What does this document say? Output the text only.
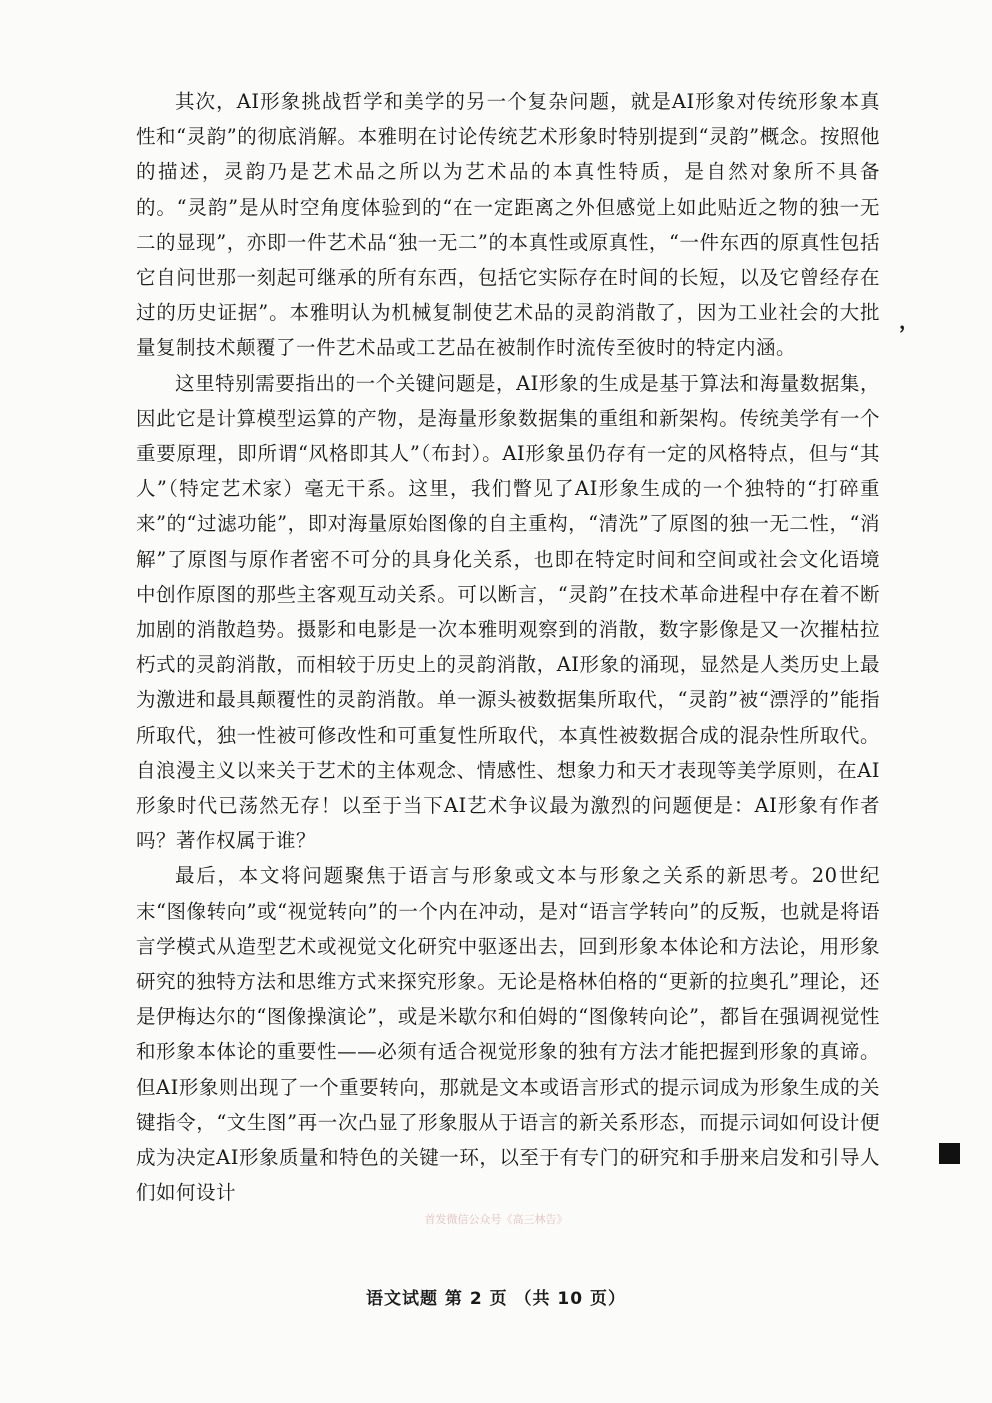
其次，AI形象挑战哲学和美学的另一个复杂问题，就是AI形象对传统形象本真性和“灵韵”的彻底消解。本雅明在讨论传统艺术形象时特别提到“灵韵”概念。按照他的描述，灵韵乃是艺术品之所以为艺术品的本真性特质，是自然对象所不具备的。“灵韵”是从时空角度体验到的“在一定距离之外但感觉上如此贴近之物的独一无二的显现”，亦即一件艺术品“独一无二”的本真性或原真性，“一件东西的原真性包括它自问世那一刻起可继承的所有东西，包括它实际存在时间的长短，以及它曾经存在过的历史证据”。本雅明认为机械复制使艺术品的灵韵消散了，因为工业社会的大批量复制技术颠覆了一件艺术品或工艺品在被制作时流传至彼时的特定内涵。

这里特别需要指出的一个关键问题是，AI形象的生成是基于算法和海量数据集，因此它是计算模型运算的产物，是海量形象数据集的重组和新架构。传统美学有一个重要原理，即所谓“风格即其人”（布封）。AI形象虽仍存有一定的风格特点，但与“其人”（特定艺术家）毫无干系。这里，我们瞥见了AI形象生成的一个独特的“打碎重来”的“过滤功能”，即对海量原始图像的自主重构，“清洗”了原图的独一无二性，“消解”了原图与原作者密不可分的具身化关系，也即在特定时间和空间或社会文化语境中创作原图的那些主客观互动关系。可以断言，“灵韵”在技术革命进程中存在着不断加剧的消散趋势。摄影和电影是一次本雅明观察到的消散，数字影像是又一次摧枯拉朽式的灵韵消散，而相较于历史上的灵韵消散，AI形象的涌现，显然是人类历史上最为激进和最具颠覆性的灵韵消散。单一源头被数据集所取代，“灵韵”被“漂浮的”能指所取代，独一性被可修改性和可重复性所取代，本真性被数据合成的混杂性所取代。自浪漫主义以来关于艺术的主体观念、情感性、想象力和天才表现等美学原则，在AI形象时代已荡然无存！以至于当下AI艺术争议最为激烈的问题便是：AI形象有作者吗？著作权属于谁？

最后，本文将问题聚焦于语言与形象或文本与形象之关系的新思考。20世纪末“图像转向”或“视觉转向”的一个内在冲动，是对“语言学转向”的反叛，也就是将语言学模式从造型艺术或视觉文化研究中驱逐出去，回到形象本体论和方法论，用形象研究的独特方法和思维方式来探究形象。无论是格林伯格的“更新的拉奥孔”理论，还是伊梅达尔的“图像操演论”，或是米歇尔和伯姆的“图像转向论”，都旨在强调视觉性和形象本体论的重要性——必须有适合视觉形象的独有方法才能把握到形象的真谛。但AI形象则出现了一个重要转向，那就是文本或语言形式的提示词成为形象生成的关键指令，“文生图”再一次凸显了形象服从于语言的新关系形态，而提示词如何设计便成为决定AI形象质量和特色的关键一环，以至于有专门的研究和手册来启发和引导人们如何设计

，
首发微信公众号《高三林告》
语文试题 第 2 页 （共 10 页）
